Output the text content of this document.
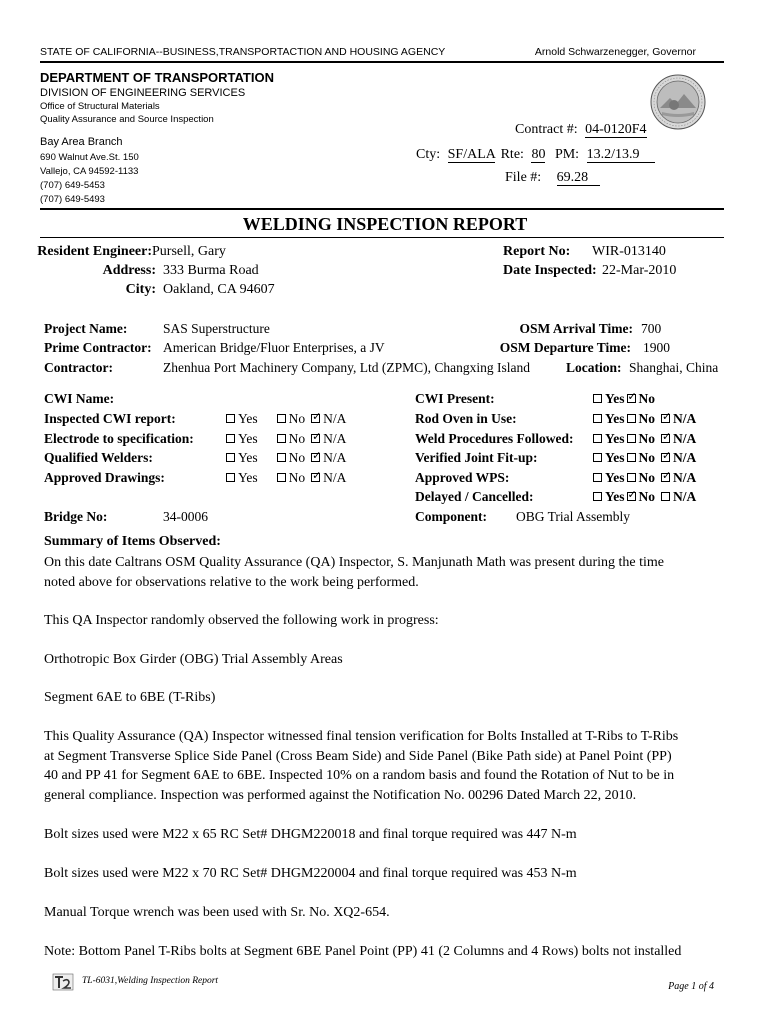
STATE OF CALIFORNIA--BUSINESS,TRANSPORTACTION AND HOUSING AGENCY	Arnold Schwarzenegger, Governor
DEPARTMENT OF TRANSPORTATION
DIVISION OF ENGINEERING SERVICES
Office of Structural Materials
Quality Assurance and Source Inspection
Bay Area Branch
690 Walnut Ave.St. 150
Vallejo, CA 94592-1133
(707) 649-5453
(707) 649-5493
Contract #: 04-0120F4
Cty: SF/ALA Rte: 80 PM: 13.2/13.9
File #: 69.28
WELDING INSPECTION REPORT
Resident Engineer: Pursell, Gary
Address: 333 Burma Road
City: Oakland, CA 94607
Report No: WIR-013140
Date Inspected: 22-Mar-2010
Project Name:	SAS Superstructure
Prime Contractor: American Bridge/Fluor Enterprises, a JV
Contractor:	Zhenhua Port Machinery Company, Ltd (ZPMC), Changxing Island
OSM Arrival Time: 700
OSM Departure Time: 1900
Location: Shanghai, China
CWI Name:
Inspected CWI report:	Yes No ✓ N/A
Electrode to specification:	Yes No ✓ N/A
Qualified Welders:	Yes No ✓ N/A
Approved Drawings:	Yes No ✓ N/A
CWI Present:	Yes ✓ No
Rod Oven in Use:	Yes No ✓ N/A
Weld Procedures Followed:	Yes No ✓ N/A
Verified Joint Fit-up:	Yes No ✓ N/A
Approved WPS:	Yes No ✓ N/A
Delayed / Cancelled:	Yes ✓ No N/A
Bridge No:	34-0006	Component: OBG Trial Assembly
Summary of Items Observed:
On this date Caltrans OSM Quality Assurance (QA) Inspector, S. Manjunath Math was present during the time
noted above for observations relative to the work being performed.
This QA Inspector randomly observed the following work in progress:
Orthotropic Box Girder (OBG) Trial Assembly Areas
Segment 6AE to 6BE (T-Ribs)
This Quality Assurance (QA) Inspector witnessed final tension verification for Bolts Installed at T-Ribs to T-Ribs
at Segment Transverse Splice Side Panel (Cross Beam Side) and Side Panel (Bike Path side) at Panel Point (PP)
40 and PP 41 for Segment 6AE to 6BE. Inspected 10% on a random basis and found the Rotation of Nut to be in
general compliance. Inspection was performed against the Notification No. 00296 Dated March 22, 2010.
Bolt sizes used were M22 x 65 RC Set# DHGM220018 and final torque required was 447 N-m
Bolt sizes used were M22 x 70 RC Set# DHGM220004 and final torque required was 453 N-m
Manual Torque wrench was been used with Sr. No. XQ2-654.
Note: Bottom Panel T-Ribs bolts at Segment 6BE Panel Point (PP) 41 (2 Columns and 4 Rows) bolts not installed
TL-6031,Welding Inspection Report	Page 1 of 4
